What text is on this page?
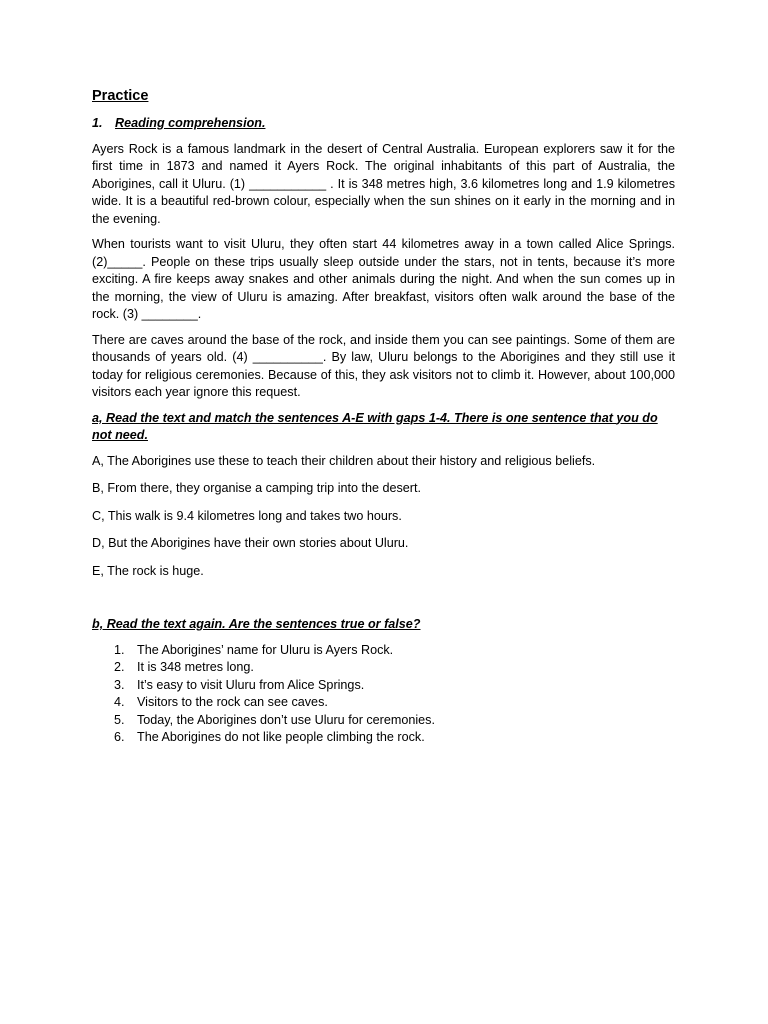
Practice
1. Reading comprehension.

Ayers Rock is a famous landmark in the desert of Central Australia. European explorers saw it for the first time in 1873 and named it Ayers Rock. The original inhabitants of this part of Australia, the Aborigines, call it Uluru. (1) ___________ . It is 348 metres high, 3.6 kilometres long and 1.9 kilometres wide. It is a beautiful red-brown colour, especially when the sun shines on it early in the morning and in the evening.

When tourists want to visit Uluru, they often start 44 kilometres away in a town called Alice Springs. (2)_____. People on these trips usually sleep outside under the stars, not in tents, because it’s more exciting. A fire keeps away snakes and other animals during the night. And when the sun comes up in the morning, the view of Uluru is amazing. After breakfast, visitors often walk around the base of the rock. (3) ________.

There are caves around the base of the rock, and inside them you can see paintings. Some of them are thousands of years old. (4) __________. By law, Uluru belongs to the Aborigines and they still use it today for religious ceremonies. Because of this, they ask visitors not to climb it. However, about 100,000 visitors each year ignore this request.

a, Read the text and match the sentences A-E with gaps 1-4. There is one sentence that you do not need.
A, The Aborigines use these to teach their children about their history and religious beliefs.
B, From there, they organise a camping trip into the desert.
C, This walk is 9.4 kilometres long and takes two hours.
D, But the Aborigines have their own stories about Uluru.
E, The rock is huge.
b, Read the text again. Are the sentences true or false?
1. The Aborigines’ name for Uluru is Ayers Rock.
2. It is 348 metres long.
3. It’s easy to visit Uluru from Alice Springs.
4. Visitors to the rock can see caves.
5. Today, the Aborigines don’t use Uluru for ceremonies.
6. The Aborigines do not like people climbing the rock.
